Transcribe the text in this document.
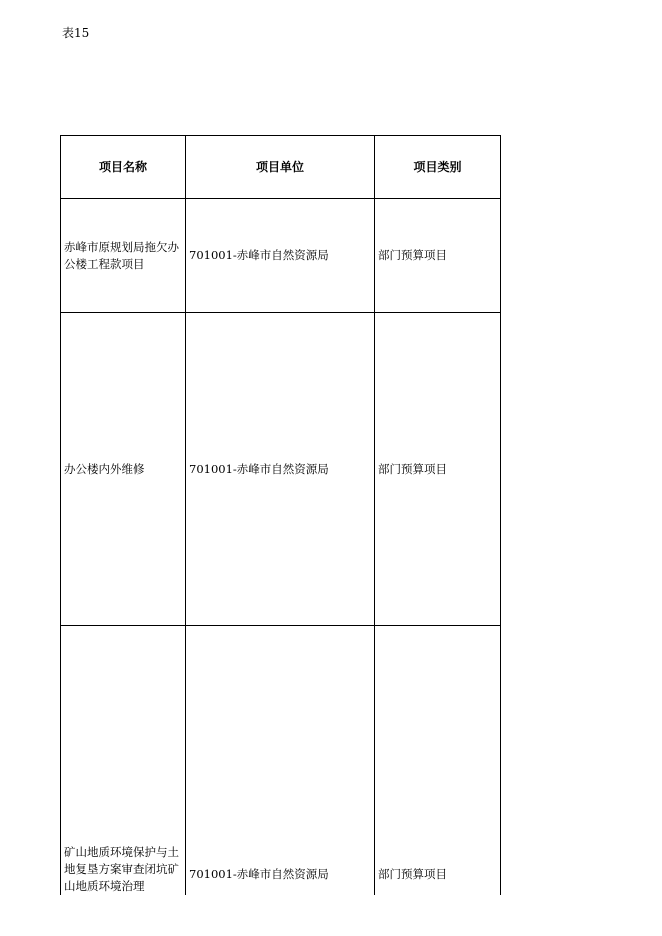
表15
项目名称	项目单位	项目类别
赤峰市原规划局拖欠办公楼工程款项目	701001-赤峰市自然资源局	部门预算项目
办公楼内外维修	701001-赤峰市自然资源局	部门预算项目
矿山地质环境保护与土地复垦方案审查闭坑矿山地质环境治理	701001-赤峰市自然资源局	部门预算项目
